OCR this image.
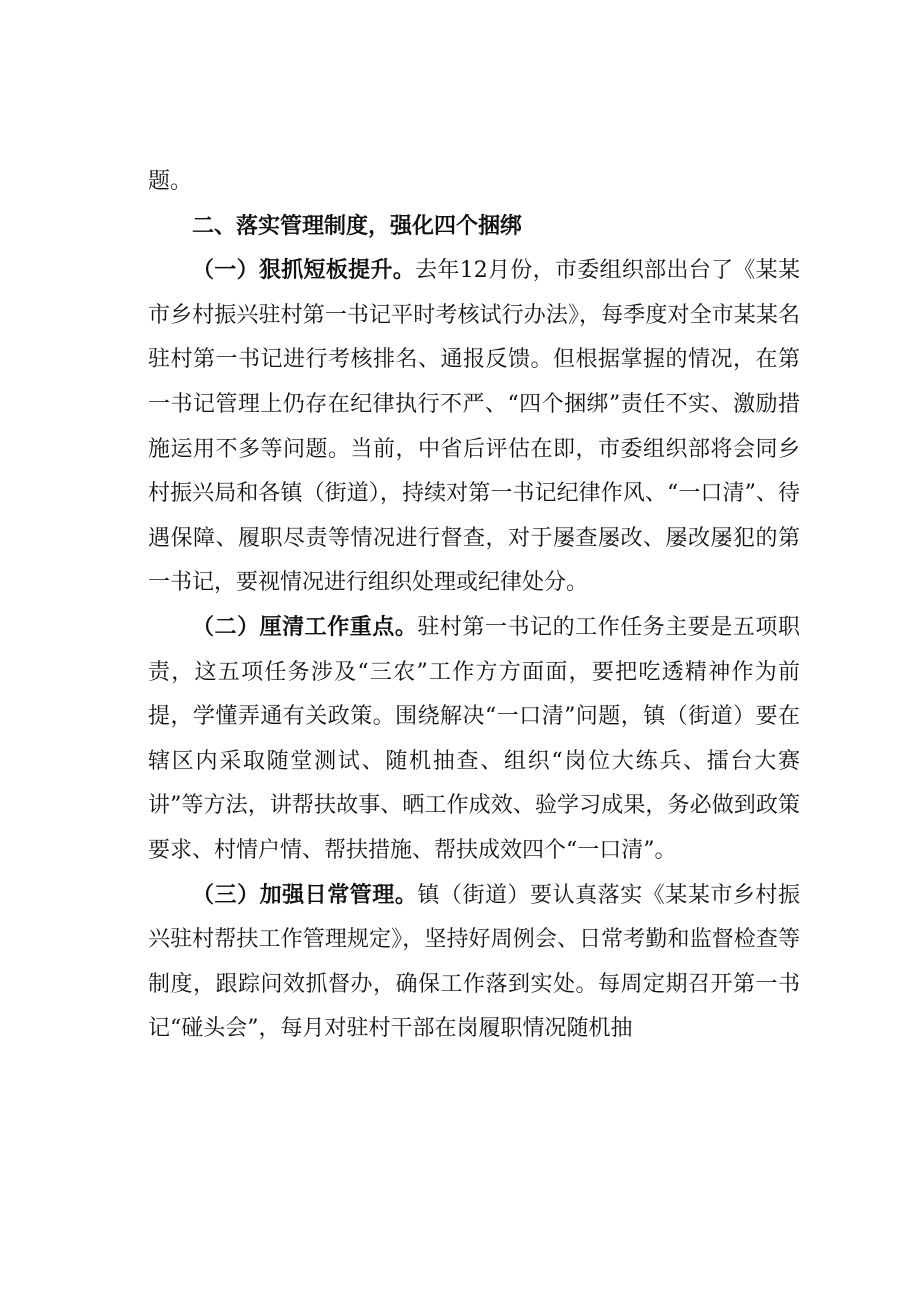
题。

二、落实管理制度，强化四个捆绑

（一）狠抓短板提升。去年12月份，市委组织部出台了《某某市乡村振兴驻村第一书记平时考核试行办法》，每季度对全市某某名驻村第一书记进行考核排名、通报反馈。但根据掌握的情况，在第一书记管理上仍存在纪律执行不严、“四个捆绑”责任不实、激励措施运用不多等问题。当前，中省后评估在即，市委组织部将会同乡村振兴局和各镇（街道），持续对第一书记纪律作风、“一口清”、待遇保障、履职尽责等情况进行督查，对于屡查屡改、屡改屡犯的第一书记，要视情况进行组织处理或纪律处分。

（二）厘清工作重点。驻村第一书记的工作任务主要是五项职责，这五项任务涉及“三农”工作方方面面，要把吃透精神作为前提，学懂弄通有关政策。围绕解决“一口清”问题，镇（街道）要在辖区内采取随堂测试、随机抽查、组织“岗位大练兵、擂台大赛讲”等方法，讲帮扶故事、晒工作成效、验学习成果，务必做到政策要求、村情户情、帮扶措施、帮扶成效四个“一口清”。

（三）加强日常管理。镇（街道）要认真落实《某某市乡村振兴驻村帮扶工作管理规定》，坚持好周例会、日常考勤和监督检查等制度，跟踪问效抓督办，确保工作落到实处。每周定期召开第一书记“碰头会”，每月对驻村干部在岗履职情况随机抽
